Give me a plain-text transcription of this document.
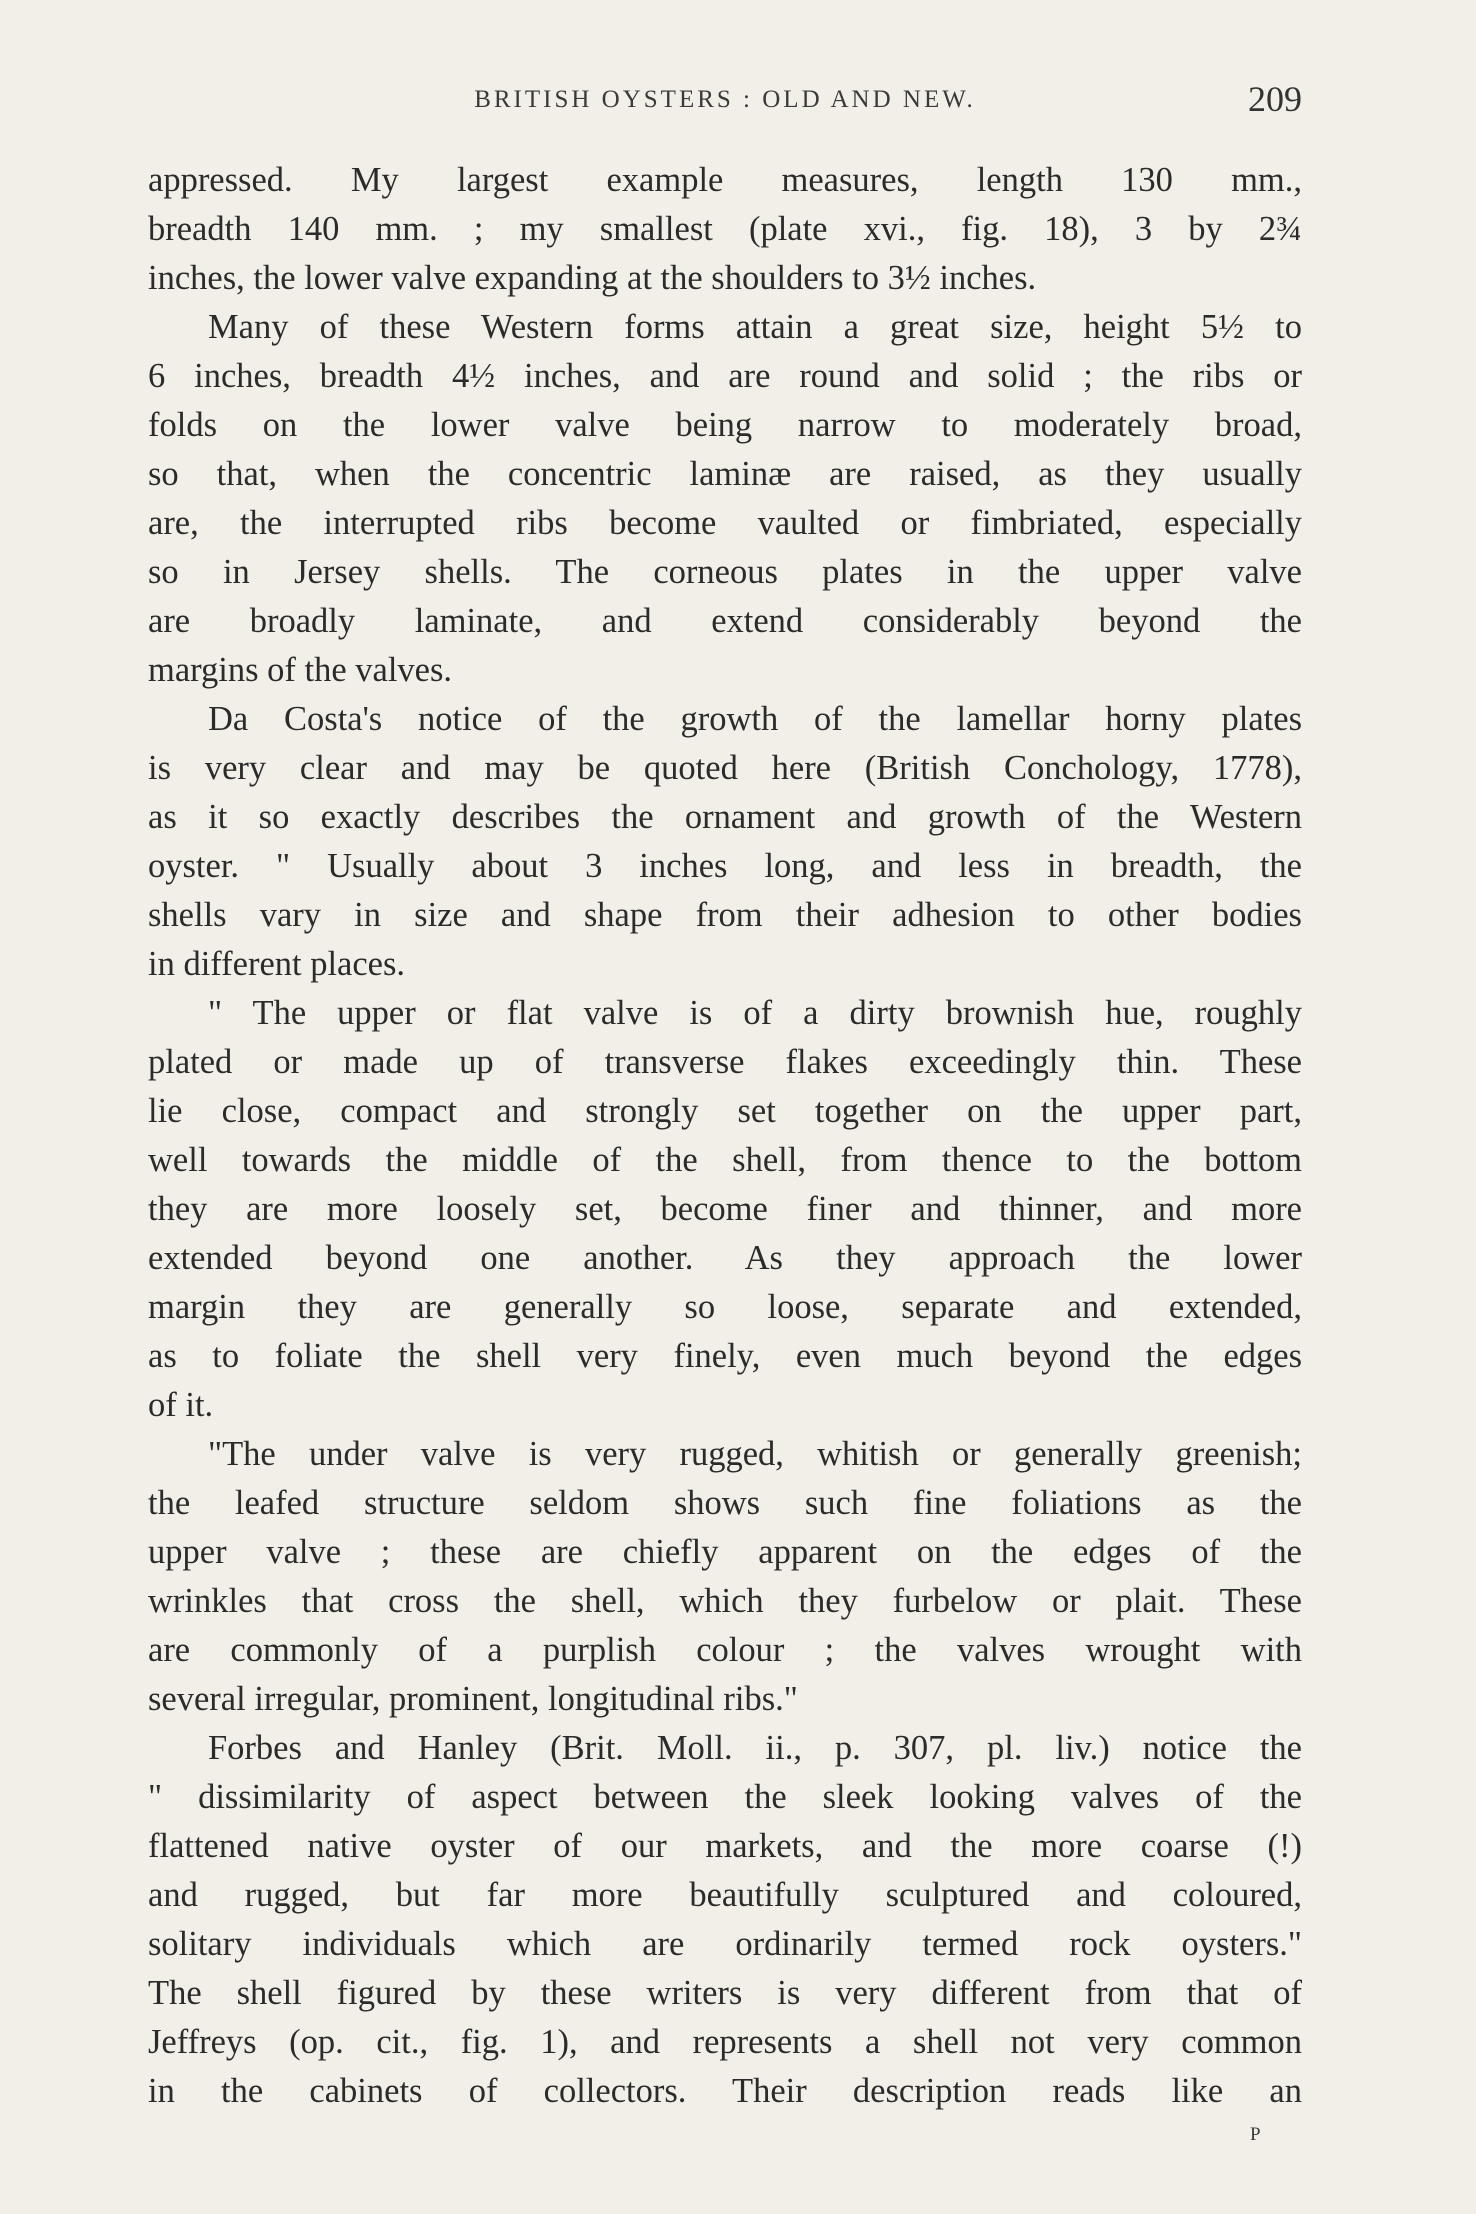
BRITISH OYSTERS : OLD AND NEW.	209
appressed. My largest example measures, length 130 mm.,
breadth 140 mm. ; my smallest (plate xvi., fig. 18), 3 by 2¾
inches, the lower valve expanding at the shoulders to 3½ inches.
Many of these Western forms attain a great size, height 5½ to
6 inches, breadth 4½ inches, and are round and solid ; the ribs or
folds on the lower valve being narrow to moderately broad,
so that, when the concentric laminæ are raised, as they usually
are, the interrupted ribs become vaulted or fimbriated, especially
so in Jersey shells. The corneous plates in the upper valve
are broadly laminate, and extend considerably beyond the
margins of the valves.
Da Costa's notice of the growth of the lamellar horny plates
is very clear and may be quoted here (British Conchology, 1778),
as it so exactly describes the ornament and growth of the Western
oyster. " Usually about 3 inches long, and less in breadth, the
shells vary in size and shape from their adhesion to other bodies
in different places.
" The upper or flat valve is of a dirty brownish hue, roughly
plated or made up of transverse flakes exceedingly thin. These
lie close, compact and strongly set together on the upper part,
well towards the middle of the shell, from thence to the bottom
they are more loosely set, become finer and thinner, and more
extended beyond one another. As they approach the lower
margin they are generally so loose, separate and extended,
as to foliate the shell very finely, even much beyond the edges
of it.
"The under valve is very rugged, whitish or generally greenish;
the leafed structure seldom shows such fine foliations as the
upper valve ; these are chiefly apparent on the edges of the
wrinkles that cross the shell, which they furbelow or plait. These
are commonly of a purplish colour ; the valves wrought with
several irregular, prominent, longitudinal ribs."
Forbes and Hanley (Brit. Moll. ii., p. 307, pl. liv.) notice the
" dissimilarity of aspect between the sleek looking valves of the
flattened native oyster of our markets, and the more coarse (!)
and rugged, but far more beautifully sculptured and coloured,
solitary individuals which are ordinarily termed rock oysters."
The shell figured by these writers is very different from that of
Jeffreys (op. cit., fig. 1), and represents a shell not very common
in the cabinets of collectors. Their description reads like an
P
